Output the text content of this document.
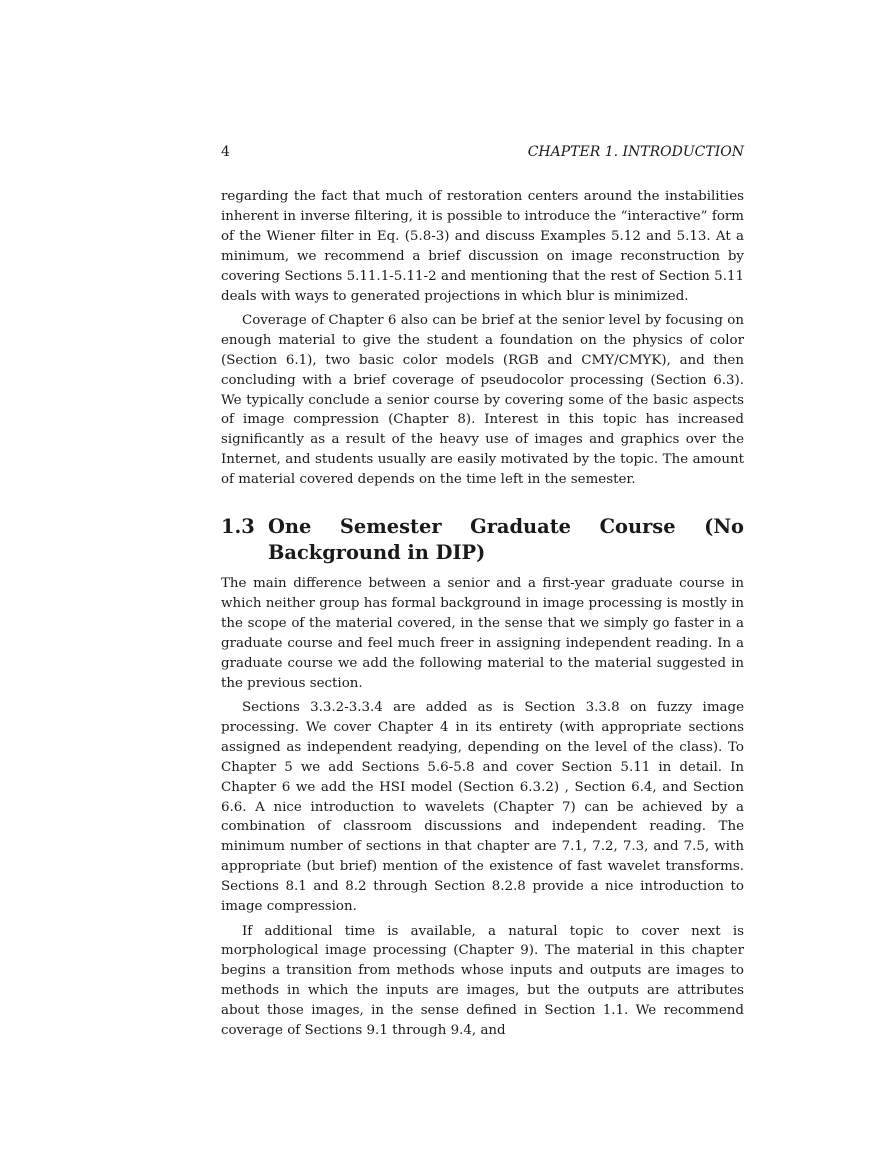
4	CHAPTER 1. INTRODUCTION

regarding the fact that much of restoration centers around the instabilities inherent in inverse filtering, it is possible to introduce the “interactive” form of the Wiener filter in Eq. (5.8-3) and discuss Examples 5.12 and 5.13. At a minimum, we recommend a brief discussion on image reconstruction by covering Sections 5.11.1-5.11-2 and mentioning that the rest of Section 5.11 deals with ways to generated projections in which blur is minimized.

Coverage of Chapter 6 also can be brief at the senior level by focusing on enough material to give the student a foundation on the physics of color (Section 6.1), two basic color models (RGB and CMY/CMYK), and then concluding with a brief coverage of pseudocolor processing (Section 6.3). We typically conclude a senior course by covering some of the basic aspects of image compression (Chapter 8). Interest in this topic has increased significantly as a result of the heavy use of images and graphics over the Internet, and students usually are easily motivated by the topic. The amount of material covered depends on the time left in the semester.

1.3 One Semester Graduate Course (No Background in DIP)

The main difference between a senior and a first-year graduate course in which neither group has formal background in image processing is mostly in the scope of the material covered, in the sense that we simply go faster in a graduate course and feel much freer in assigning independent reading. In a graduate course we add the following material to the material suggested in the previous section.

Sections 3.3.2-3.3.4 are added as is Section 3.3.8 on fuzzy image processing. We cover Chapter 4 in its entirety (with appropriate sections assigned as independent readying, depending on the level of the class). To Chapter 5 we add Sections 5.6-5.8 and cover Section 5.11 in detail. In Chapter 6 we add the HSI model (Section 6.3.2) , Section 6.4, and Section 6.6. A nice introduction to wavelets (Chapter 7) can be achieved by a combination of classroom discussions and independent reading. The minimum number of sections in that chapter are 7.1, 7.2, 7.3, and 7.5, with appropriate (but brief) mention of the existence of fast wavelet transforms. Sections 8.1 and 8.2 through Section 8.2.8 provide a nice introduction to image compression.

If additional time is available, a natural topic to cover next is morphological image processing (Chapter 9). The material in this chapter begins a transition from methods whose inputs and outputs are images to methods in which the inputs are images, but the outputs are attributes about those images, in the sense defined in Section 1.1. We recommend coverage of Sections 9.1 through 9.4, and
